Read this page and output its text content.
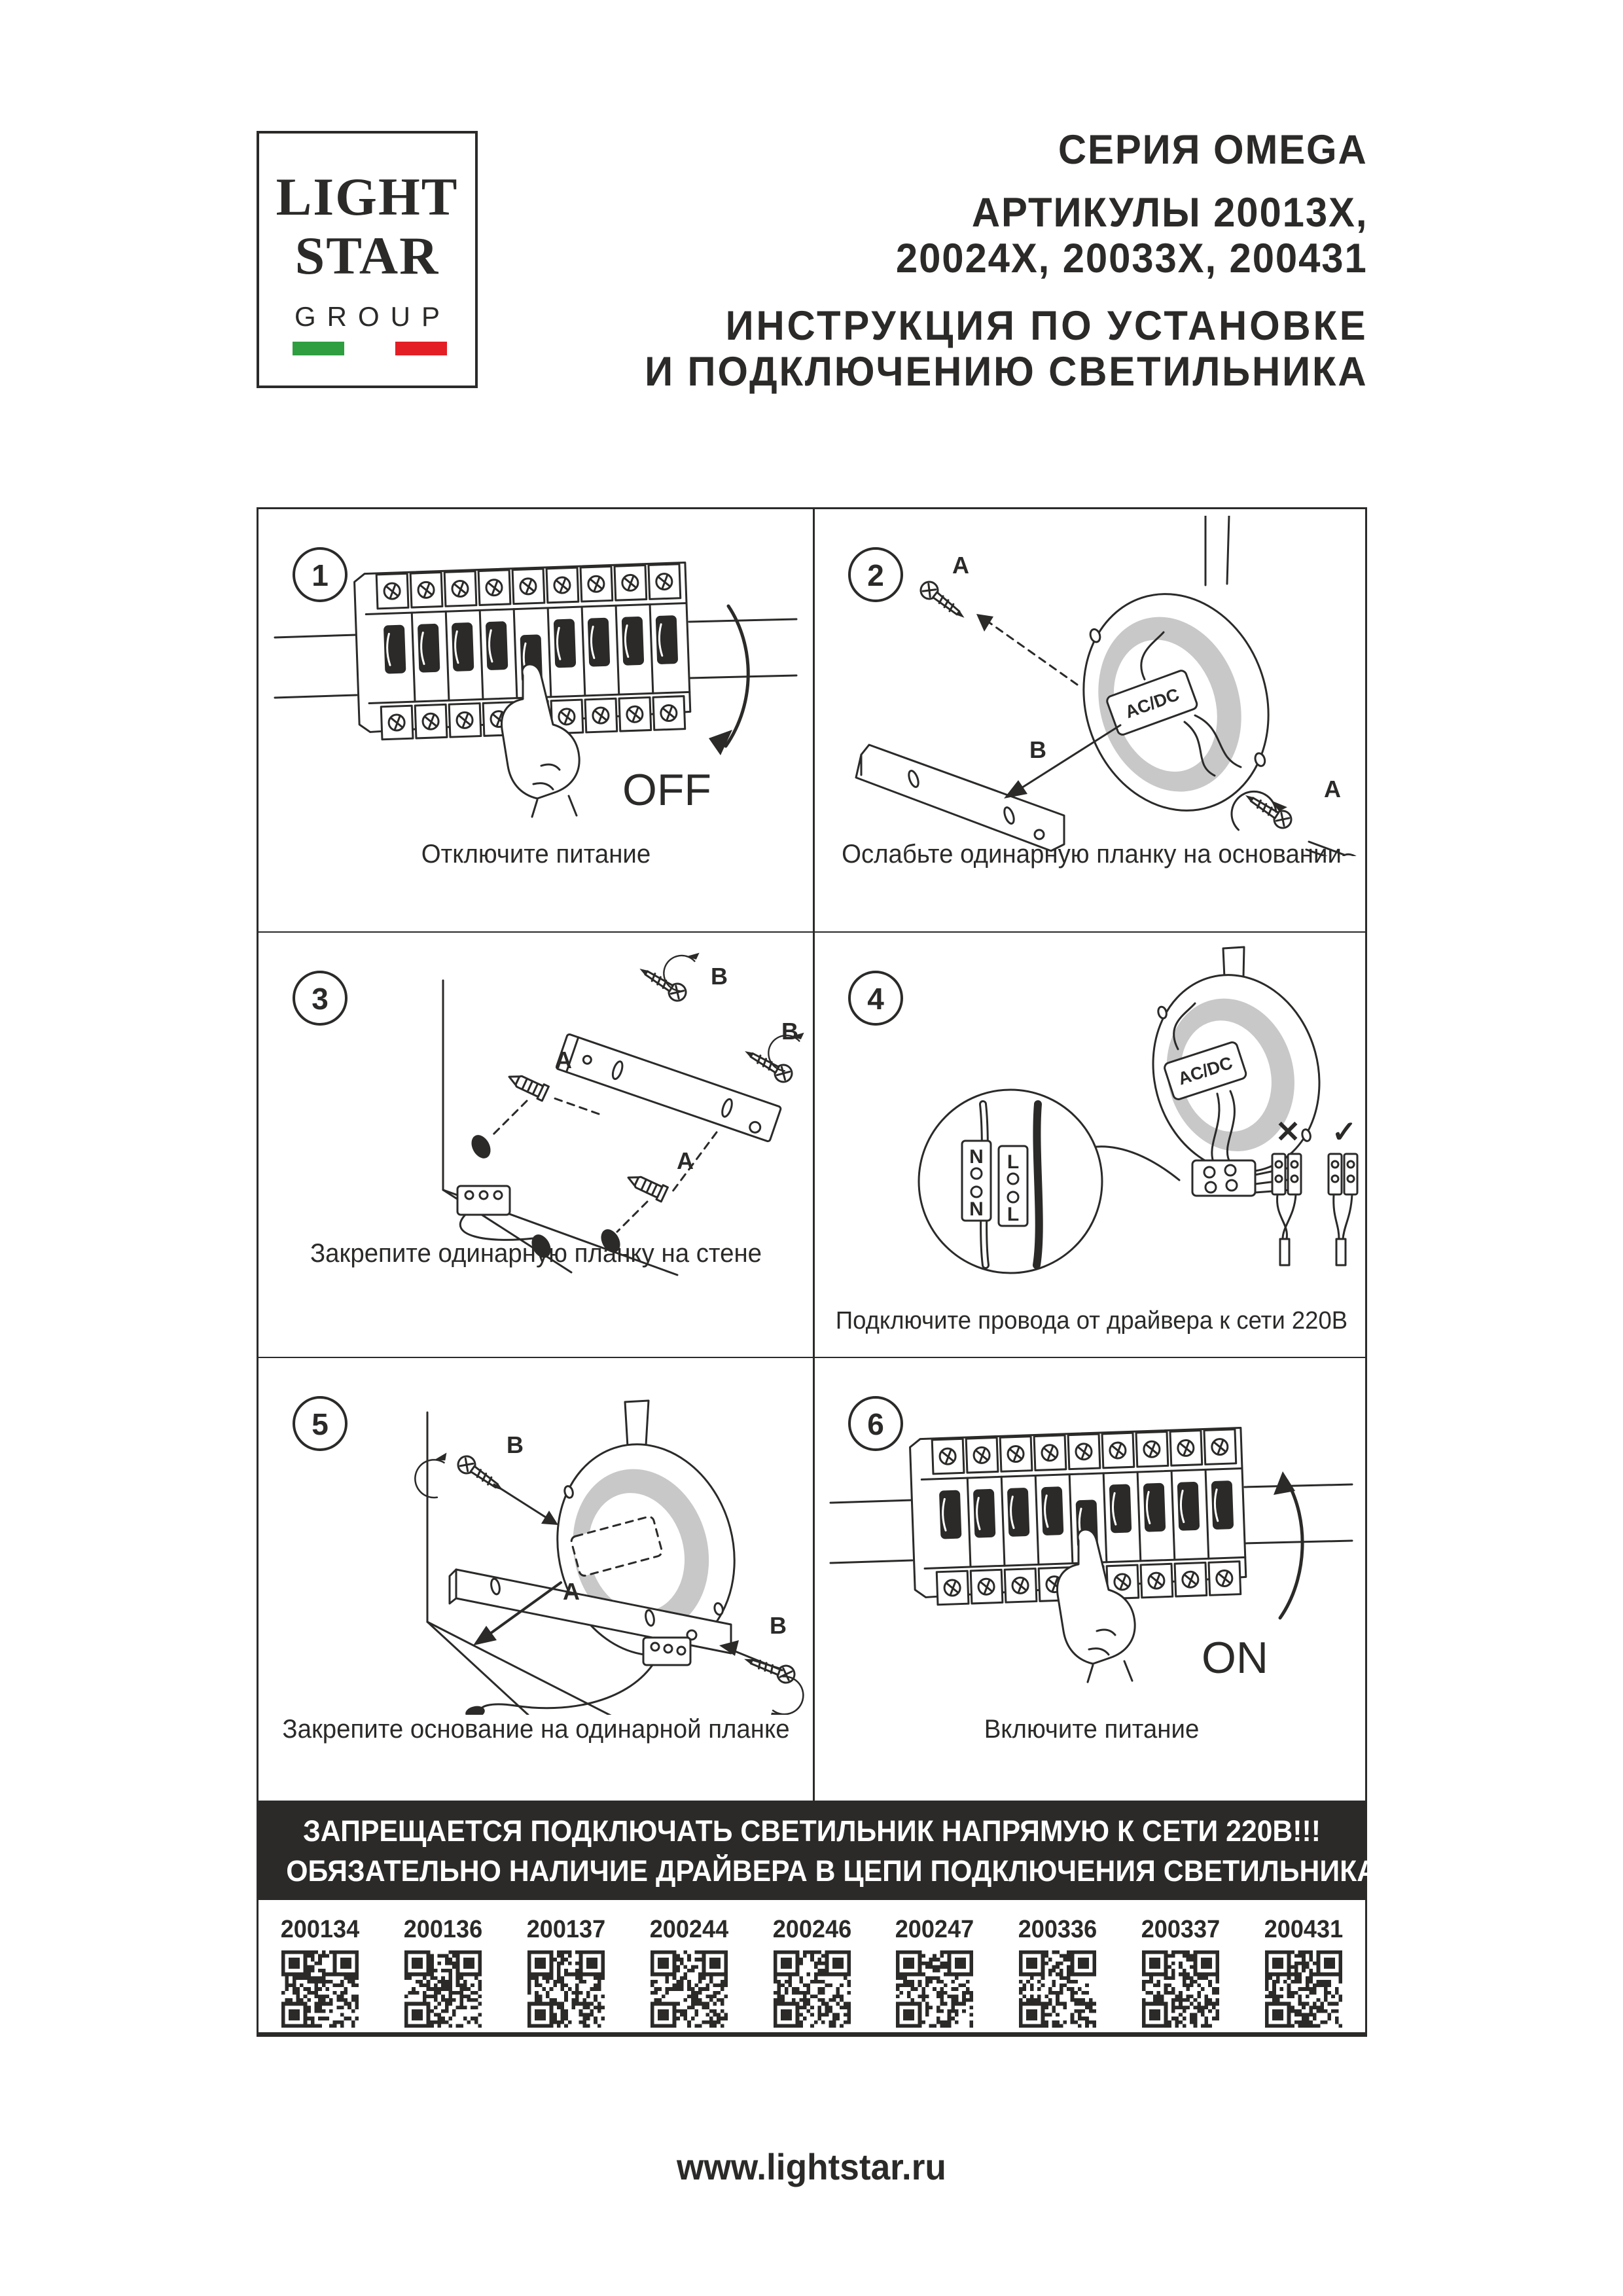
LIGHT
STAR
GROUP
СЕРИЯ OMEGA
АРТИКУЛЫ 20013X,
20024X, 20033X, 200431
ИНСТРУКЦИЯ ПО УСТАНОВКЕ
И ПОДКЛЮЧЕНИЮ СВЕТИЛЬНИКА
OFF
1
Отключите питание
AC/DC
A
B
A
2
Ослабьте одинарную планку на основании
B
B
A
A
3
Закрепите одинарную планку на стене
AC/DC
N L
N L
✕ ✓
4
Подключите провода от драйвера к сети 220В
B
B
A
5
Закрепите основание на одинарной планке
ON
6
Включите питание
ЗАПРЕЩАЕТСЯ ПОДКЛЮЧАТЬ СВЕТИЛЬНИК НАПРЯМУЮ К СЕТИ 220В!!!
ОБЯЗАТЕЛЬНО НАЛИЧИЕ ДРАЙВЕРА В ЦЕПИ ПОДКЛЮЧЕНИЯ СВЕТИЛЬНИКА!!!
200134	200136	200137	200244	200246	200247	200336	200337	200431
www.lightstar.ru
